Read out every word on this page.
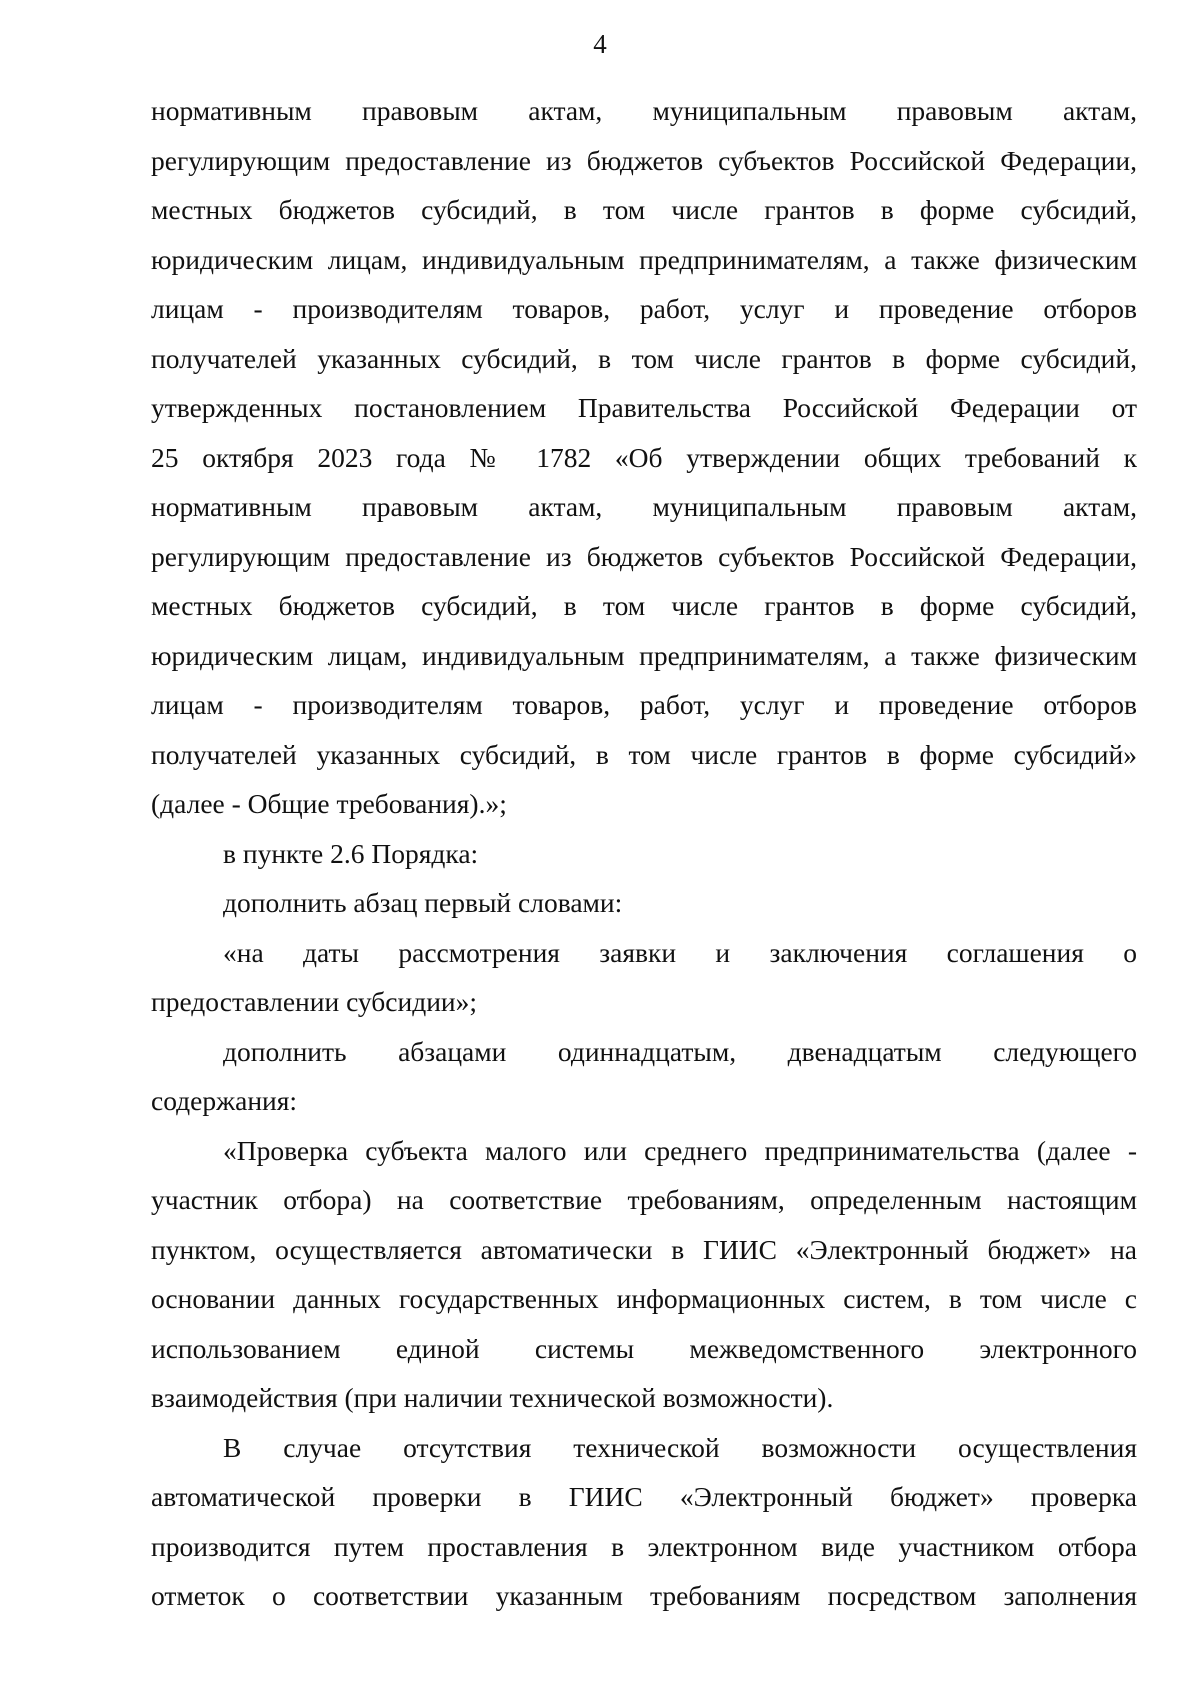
4

нормативным правовым актам, муниципальным правовым актам,
регулирующим предоставление из бюджетов субъектов Российской Федерации,
местных бюджетов субсидий, в том числе грантов в форме субсидий,
юридическим лицам, индивидуальным предпринимателям, а также физическим
лицам - производителям товаров, работ, услуг и проведение отборов
получателей указанных субсидий, в том числе грантов в форме субсидий,
утвержденных постановлением Правительства Российской Федерации от
25 октября 2023 года № 1782 «Об утверждении общих требований к
нормативным правовым актам, муниципальным правовым актам,
регулирующим предоставление из бюджетов субъектов Российской Федерации,
местных бюджетов субсидий, в том числе грантов в форме субсидий,
юридическим лицам, индивидуальным предпринимателям, а также физическим
лицам - производителям товаров, работ, услуг и проведение отборов
получателей указанных субсидий, в том числе грантов в форме субсидий»
(далее - Общие требования).»;

в пункте 2.6 Порядка:

дополнить абзац первый словами:

«на даты рассмотрения заявки и заключения соглашения о
предоставлении субсидии»;

дополнить абзацами одиннадцатым, двенадцатым следующего
содержания:

«Проверка субъекта малого или среднего предпринимательства (далее -
участник отбора) на соответствие требованиям, определенным настоящим
пунктом, осуществляется автоматически в ГИИС «Электронный бюджет» на
основании данных государственных информационных систем, в том числе с
использованием единой системы межведомственного электронного
взаимодействия (при наличии технической возможности).

В случае отсутствия технической возможности осуществления
автоматической проверки в ГИИС «Электронный бюджет» проверка
производится путем проставления в электронном виде участником отбора
отметок о соответствии указанным требованиям посредством заполнения
